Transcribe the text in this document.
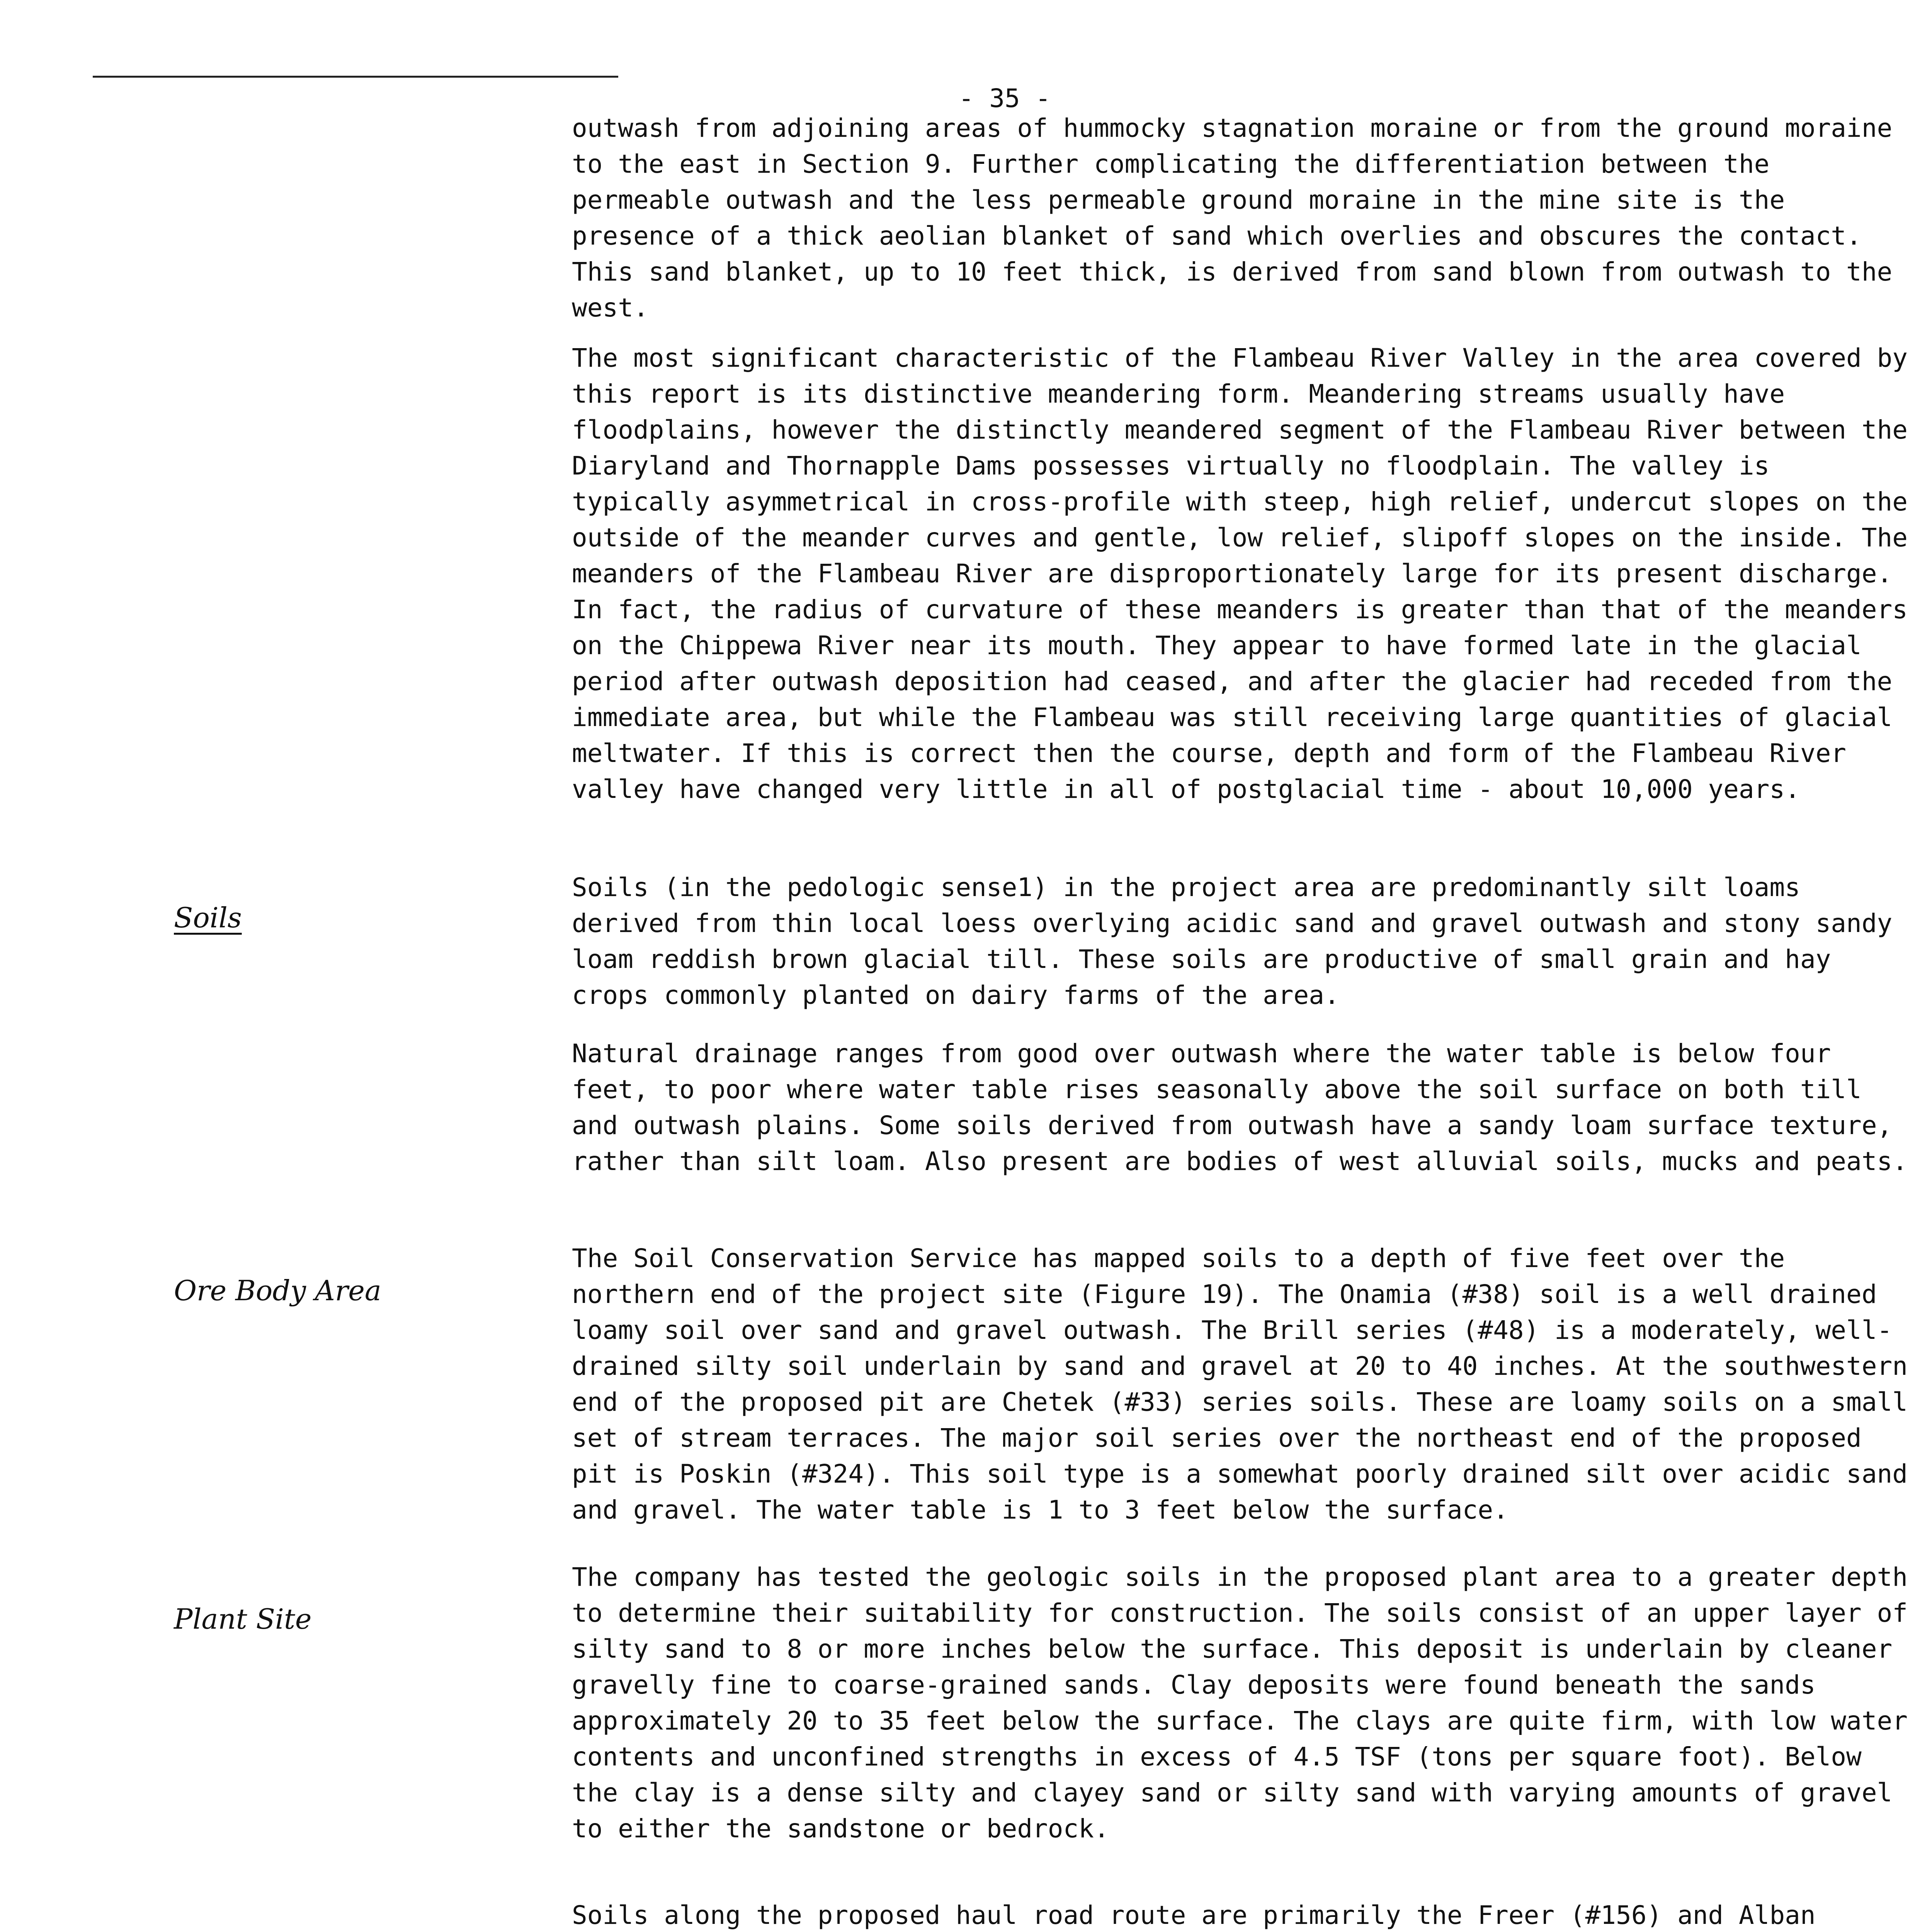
- 35 -

outwash from adjoining areas of hummocky stagnation moraine or from the ground moraine to the east in Section 9. Further complicating the differentiation between the permeable outwash and the less permeable ground moraine in the mine site is the presence of a thick aeolian blanket of sand which overlies and obscures the contact. This sand blanket, up to 10 feet thick, is derived from sand blown from outwash to the west.

The most significant characteristic of the Flambeau River Valley in the area covered by this report is its distinctive meandering form. Meandering streams usually have floodplains, however the distinctly meandered segment of the Flambeau River between the Diaryland and Thornapple Dams possesses virtually no floodplain. The valley is typically asymmetrical in cross-profile with steep, high relief, undercut slopes on the outside of the meander curves and gentle, low relief, slipoff slopes on the inside. The meanders of the Flambeau River are disproportionately large for its present discharge. In fact, the radius of curvature of these meanders is greater than that of the meanders on the Chippewa River near its mouth. They appear to have formed late in the glacial period after outwash deposition had ceased, and after the glacier had receded from the immediate area, but while the Flambeau was still receiving large quantities of glacial meltwater. If this is correct then the course, depth and form of the Flambeau River valley have changed very little in all of postglacial time - about 10,000 years.

Soils

Soils (in the pedologic sense1) in the project area are predominantly silt loams derived from thin local loess overlying acidic sand and gravel outwash and stony sandy loam reddish brown glacial till. These soils are productive of small grain and hay crops commonly planted on dairy farms of the area.

Natural drainage ranges from good over outwash where the water table is below four feet, to poor where water table rises seasonally above the soil surface on both till and outwash plains. Some soils derived from outwash have a sandy loam surface texture, rather than silt loam. Also present are bodies of west alluvial soils, mucks and peats.

Ore Body Area

The Soil Conservation Service has mapped soils to a depth of five feet over the northern end of the project site (Figure 19). The Onamia (#38) soil is a well drained loamy soil over sand and gravel outwash. The Brill series (#48) is a moderately, well-drained silty soil underlain by sand and gravel at 20 to 40 inches. At the southwestern end of the proposed pit are Chetek (#33) series soils. These are loamy soils on a small set of stream terraces. The major soil series over the northeast end of the proposed pit is Poskin (#324). This soil type is a somewhat poorly drained silt over acidic sand and gravel. The water table is 1 to 3 feet below the surface.

Plant Site

The company has tested the geologic soils in the proposed plant area to a greater depth to determine their suitability for construction. The soils consist of an upper layer of silty sand to 8 or more inches below the surface. This deposit is underlain by cleaner gravelly fine to coarse-grained sands. Clay deposits were found beneath the sands approximately 20 to 35 feet below the surface. The clays are quite firm, with low water contents and unconfined strengths in excess of 4.5 TSF (tons per square foot). Below the clay is a dense silty and clayey sand or silty sand with varying amounts of gravel to either the sandstone or bedrock.

Soils along the proposed haul road route are primarily the Freer (#156) and Alban
